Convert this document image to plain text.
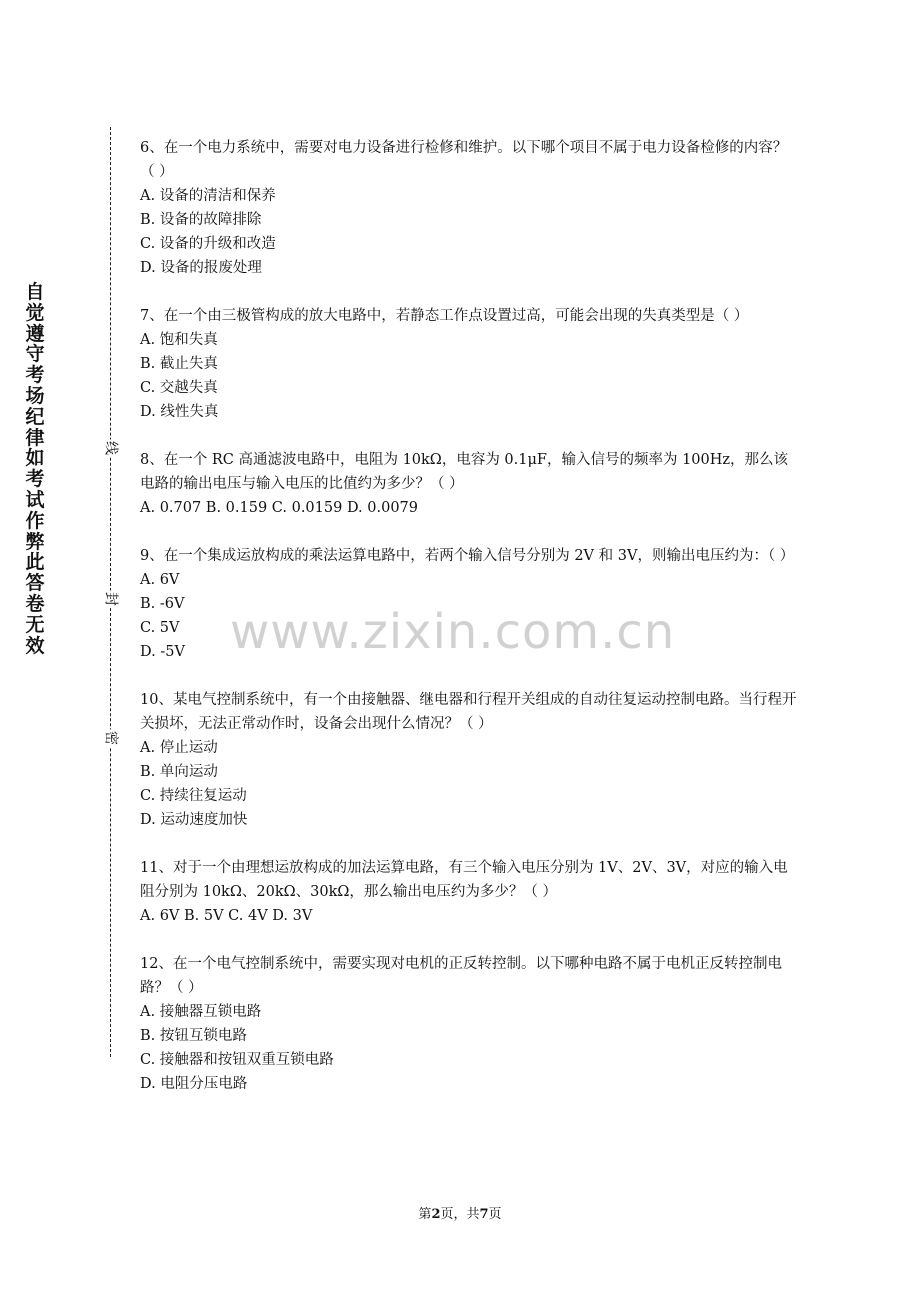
自觉遵守考场纪律如考试作弊此答卷无效
线
封
密
www.zixin.com.cn
6、在一个电力系统中，需要对电力设备进行检修和维护。以下哪个项目不属于电力设备检修的内容？（ ）
A. 设备的清洁和保养
B. 设备的故障排除
C. 设备的升级和改造
D. 设备的报废处理
7、在一个由三极管构成的放大电路中，若静态工作点设置过高，可能会出现的失真类型是（ ）
A. 饱和失真
B. 截止失真
C. 交越失真
D. 线性失真
8、在一个 RC 高通滤波电路中，电阻为 10kΩ，电容为 0.1μF，输入信号的频率为 100Hz，那么该电路的输出电压与输入电压的比值约为多少？（ ）
A. 0.707 B. 0.159 C. 0.0159 D. 0.0079
9、在一个集成运放构成的乘法运算电路中，若两个输入信号分别为 2V 和 3V，则输出电压约为：（ ）
A. 6V
B. -6V
C. 5V
D. -5V
10、某电气控制系统中，有一个由接触器、继电器和行程开关组成的自动往复运动控制电路。当行程开关损坏，无法正常动作时，设备会出现什么情况？（ ）
A. 停止运动
B. 单向运动
C. 持续往复运动
D. 运动速度加快
11、对于一个由理想运放构成的加法运算电路，有三个输入电压分别为 1V、2V、3V，对应的输入电阻分别为 10kΩ、20kΩ、30kΩ，那么输出电压约为多少？（ ）
A. 6V B. 5V C. 4V D. 3V
12、在一个电气控制系统中，需要实现对电机的正反转控制。以下哪种电路不属于电机正反转控制电路？（ ）
A. 接触器互锁电路
B. 按钮互锁电路
C. 接触器和按钮双重互锁电路
D. 电阻分压电路
第2页，共7页
